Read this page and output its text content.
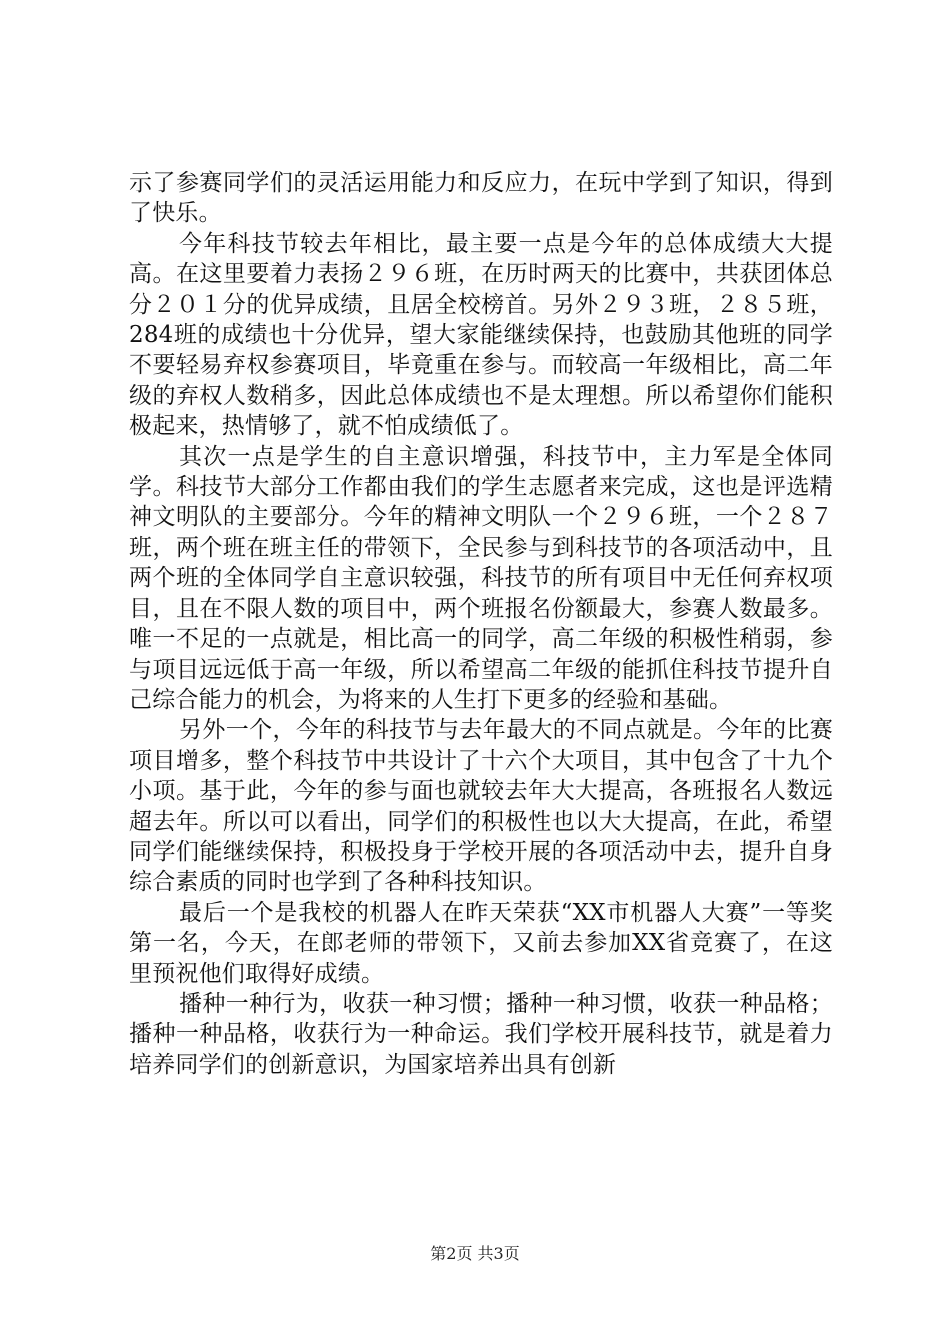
示了参赛同学们的灵活运用能力和反应力，在玩中学到了知识，得到了快乐。

今年科技节较去年相比，最主要一点是今年的总体成绩大大提高。在这里要着力表扬２９６班，在历时两天的比赛中，共获团体总分２０１分的优异成绩，且居全校榜首。另外２９３班，２８５班，284班的成绩也十分优异，望大家能继续保持，也鼓励其他班的同学不要轻易弃权参赛项目，毕竟重在参与。而较高一年级相比，高二年级的弃权人数稍多，因此总体成绩也不是太理想。所以希望你们能积极起来，热情够了，就不怕成绩低了。

其次一点是学生的自主意识增强，科技节中，主力军是全体同学。科技节大部分工作都由我们的学生志愿者来完成，这也是评选精神文明队的主要部分。今年的精神文明队一个２９６班，一个２８７班，两个班在班主任的带领下，全民参与到科技节的各项活动中，且两个班的全体同学自主意识较强，科技节的所有项目中无任何弃权项目，且在不限人数的项目中，两个班报名份额最大，参赛人数最多。唯一不足的一点就是，相比高一的同学，高二年级的积极性稍弱，参与项目远远低于高一年级，所以希望高二年级的能抓住科技节提升自己综合能力的机会，为将来的人生打下更多的经验和基础。

另外一个，今年的科技节与去年最大的不同点就是。今年的比赛项目增多，整个科技节中共设计了十六个大项目，其中包含了十九个小项。基于此，今年的参与面也就较去年大大提高，各班报名人数远超去年。所以可以看出，同学们的积极性也以大大提高，在此，希望同学们能继续保持，积极投身于学校开展的各项活动中去，提升自身综合素质的同时也学到了各种科技知识。

最后一个是我校的机器人在昨天荣获“XX市机器人大赛”一等奖第一名，今天，在郎老师的带领下，又前去参加XX省竞赛了，在这里预祝他们取得好成绩。

播种一种行为，收获一种习惯；播种一种习惯，收获一种品格；播种一种品格，收获行为一种命运。我们学校开展科技节，就是着力培养同学们的创新意识，为国家培养出具有创新

第2页 共3页
